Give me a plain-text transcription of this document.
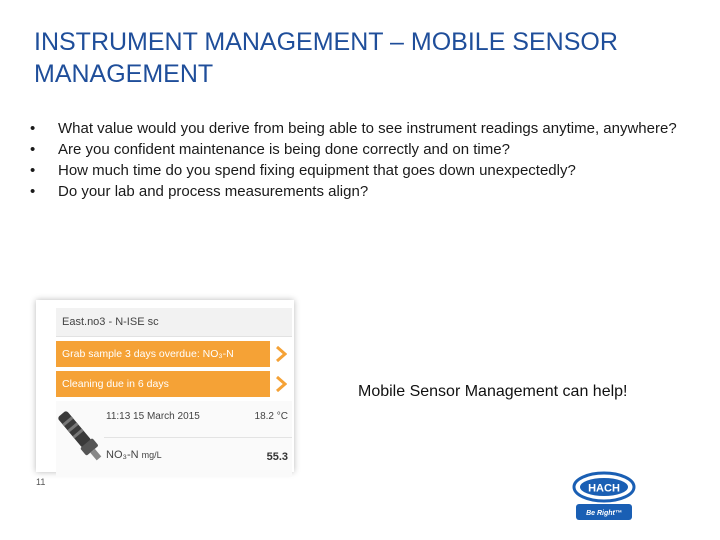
INSTRUMENT MANAGEMENT – MOBILE SENSOR MANAGEMENT
• What value would you derive from being able to see instrument readings anytime, anywhere?
• Are you confident maintenance is being done correctly and on time?
• How much time do you spend fixing equipment that goes down unexpectedly?
• Do your lab and process measurements align?
East.no3 - N-ISE sc
Grab sample 3 days overdue: NO₃-N
Cleaning due in 6 days
11:13 15 March 2015	18.2 °C
NO₃-N mg/L	55.3
Mobile Sensor Management can help!
11
HACH
Be Right™
